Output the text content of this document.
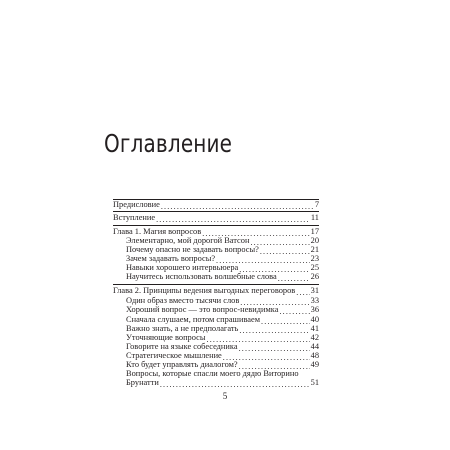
Оглавление
Предисловие .....	7
Вступление .....	11
Глава 1. Магия вопросов .....	17
Элементарно, мой дорогой Ватсон .....	20
Почему опасно не задавать вопросы? .....	21
Зачем задавать вопросы? .....	23
Навыки хорошего интервьюера .....	25
Научитесь использовать волшебные слова .....	26
Глава 2. Принципы ведения выгодных переговоров ..... 31
Один образ вместо тысячи слов .....	33
Хороший вопрос — это вопрос-невидимка .....	36
Сначала слушаем, потом спрашиваем .....	40
Важно знать, а не предполагать .....	41
Уточняющие вопросы .....	42
Говорите на языке собеседника .....	44
Стратегическое мышление .....	48
Кто будет управлять диалогом? .....	49
Вопросы, которые спасли моего дядю Виторино
Брунатти .....	51
5
